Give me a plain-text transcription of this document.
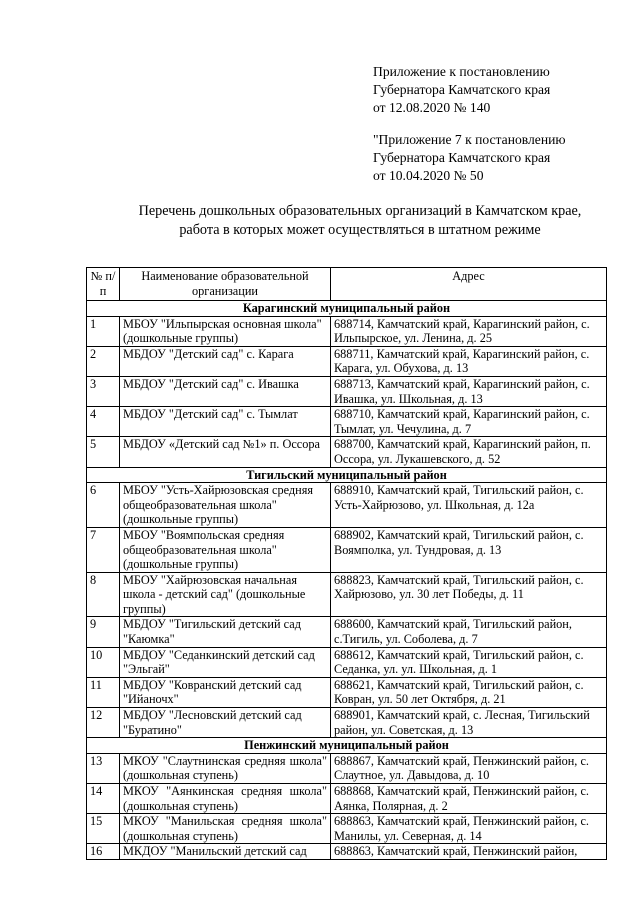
Приложение к постановлению
Губернатора Камчатского края
от 12.08.2020 № 140
"Приложение 7 к постановлению
Губернатора Камчатского края
от 10.04.2020 № 50
Перечень дошкольных образовательных организаций в Камчатском крае,
работа в которых может осуществляться в штатном режиме
№ п/п	Наименование образовательной организации	Адрес
Карагинский муниципальный район		
1	МБОУ "Ильпырская основная школа" (дошкольные группы)	688714, Камчатский край, Карагинский район, с. Ильпырское, ул. Ленина, д. 25
2	МБДОУ "Детский сад" с. Карага	688711, Камчатский край, Карагинский район, с. Карага, ул. Обухова, д. 13
3	МБДОУ "Детский сад" с. Ивашка	688713, Камчатский край, Карагинский район, с. Ивашка, ул. Школьная, д. 13
4	МБДОУ "Детский сад" с. Тымлат	688710, Камчатский край, Карагинский район, с. Тымлат, ул. Чечулина, д. 7
5	МБДОУ «Детский сад №1» п. Оссора	688700, Камчатский край, Карагинский район, п. Оссора, ул. Лукашевского, д. 52
Тигильский муниципальный район		
6	МБОУ "Усть-Хайрюзовская средняя общеобразовательная школа" (дошкольные группы)	688910, Камчатский край, Тигильский район, с. Усть-Хайрюзово, ул. Школьная, д. 12а
7	МБОУ "Воямпольская средняя общеобразовательная школа" (дошкольные группы)	688902, Камчатский край, Тигильский район, с. Воямполка, ул. Тундровая, д. 13
8	МБОУ "Хайрюзовская начальная школа - детский сад" (дошкольные группы)	688823, Камчатский край, Тигильский район, с. Хайрюзово, ул. 30 лет Победы, д. 11
9	МБДОУ "Тигильский детский сад "Каюмка"	688600, Камчатский край, Тигильский район, с.Тигиль, ул. Соболева, д. 7
10	МБДОУ "Седанкинский детский сад "Эльгай"	688612, Камчатский край, Тигильский район, с. Седанка, ул. ул. Школьная, д. 1
11	МБДОУ "Ковранский детский сад "Ийаночх"	688621, Камчатский край, Тигильский район, с. Ковран, ул. 50 лет Октября, д. 21
12	МБДОУ "Лесновский детский сад "Буратино"	688901, Камчатский край, с. Лесная, Тигильский район, ул. Советская, д. 13
Пенжинский муниципальный район		
13	МКОУ "Слаутнинская средняя школа" (дошкольная ступень)	688867, Камчатский край, Пенжинский район, с. Слаутное, ул. Давыдова, д. 10
14	МКОУ "Аянкинская средняя школа" (дошкольная ступень)	688868, Камчатский край, Пенжинский район, с. Аянка, Полярная, д. 2
15	МКОУ "Манильская средняя школа" (дошкольная ступень)	688863, Камчатский край, Пенжинский район, с. Манилы, ул. Северная, д. 14
16	МКДОУ "Манильский детский сад	688863, Камчатский край, Пенжинский район,
